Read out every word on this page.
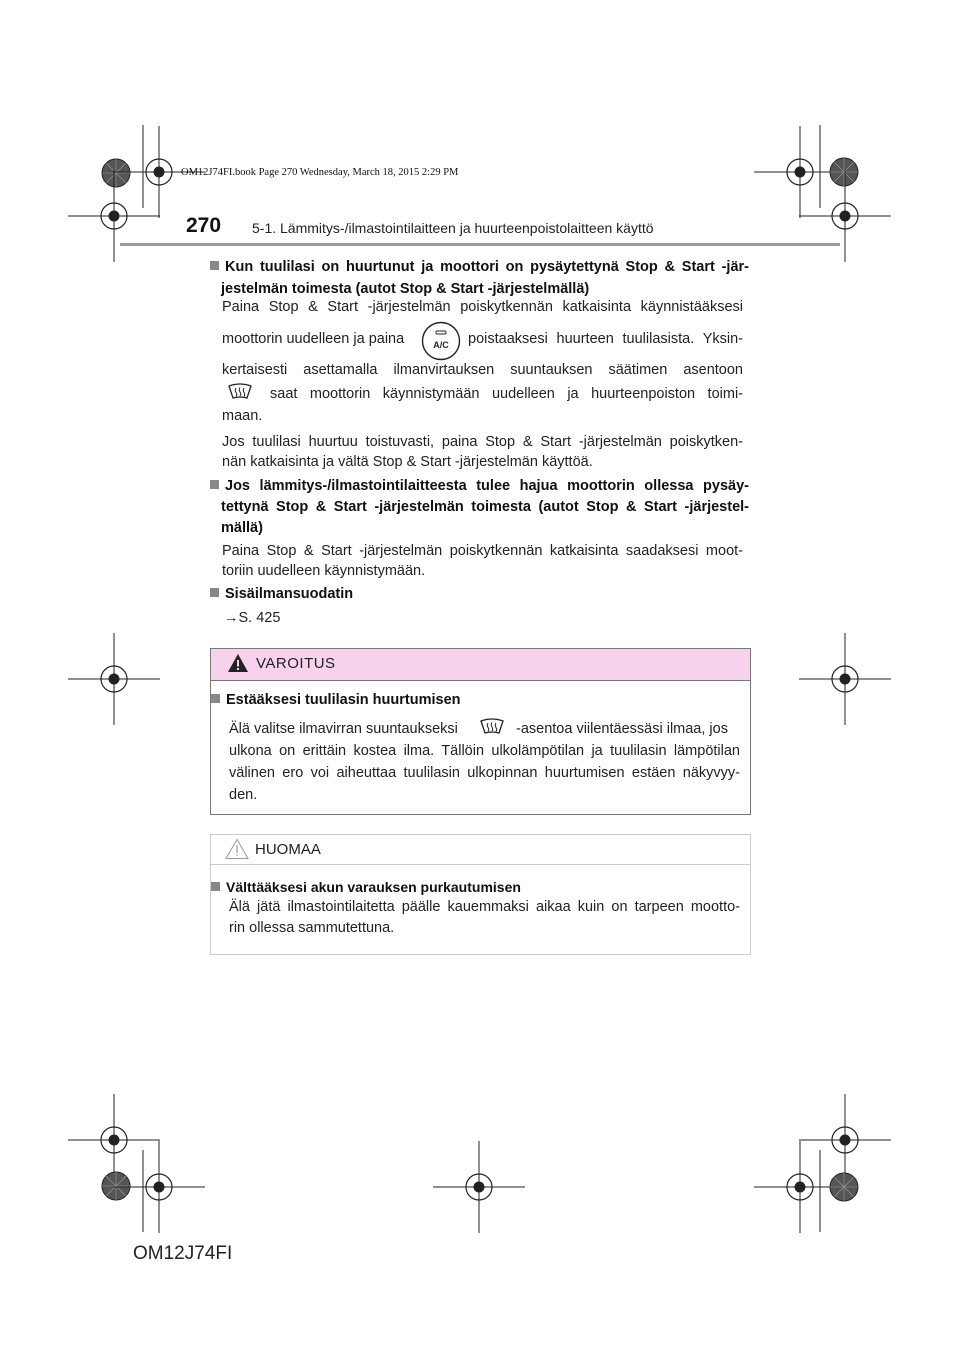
OM12J74FI.book Page 270 Wednesday, March 18, 2015 2:29 PM
270 5-1. Lämmitys-/ilmastointilaitteen ja huurteenpoistolaitteen käyttö
Kun tuulilasi on huurtunut ja moottori on pysäytettynä Stop & Start -jär-
jestelmän toimesta (autot Stop & Start -järjestelmällä)
Paina Stop & Start -järjestelmän poiskytkennän katkaisinta käynnistääksesi
moottorin uudelleen ja paina	A/C poistaaksesi huurteen tuulilasista. Yksin-
kertaisesti asettamalla ilmanvirtauksen suuntauksen säätimen asentoon
saat moottorin käynnistymään uudelleen ja huurteenpoiston toimi-
maan.
Jos tuulilasi huurtuu toistuvasti, paina Stop & Start -järjestelmän poiskytken-
nän katkaisinta ja vältä Stop & Start -järjestelmän käyttöä.
Jos lämmitys-/ilmastointilaitteesta tulee hajua moottorin ollessa pysäy-
tettynä Stop & Start -järjestelmän toimesta (autot Stop & Start -järjestel-
mällä)
Paina Stop & Start -järjestelmän poiskytkennän katkaisinta saadaksesi moot-
toriin uudelleen käynnistymään.
Sisäilmansuodatin
→S. 425
VAROITUS
Estääksesi tuulilasin huurtumisen
Älä valitse ilmavirran suuntaukseksi	-asentoa viilentäessäsi ilmaa, jos
ulkona on erittäin kostea ilma. Tällöin ulkolämpötilan ja tuulilasin lämpötilan
välinen ero voi aiheuttaa tuulilasin ulkopinnan huurtumisen estäen näkyvyy-
den.
HUOMAA
Välttääksesi akun varauksen purkautumisen
Älä jätä ilmastointilaitetta päälle kauemmaksi aikaa kuin on tarpeen mootto-
rin ollessa sammutettuna.
OM12J74FI
